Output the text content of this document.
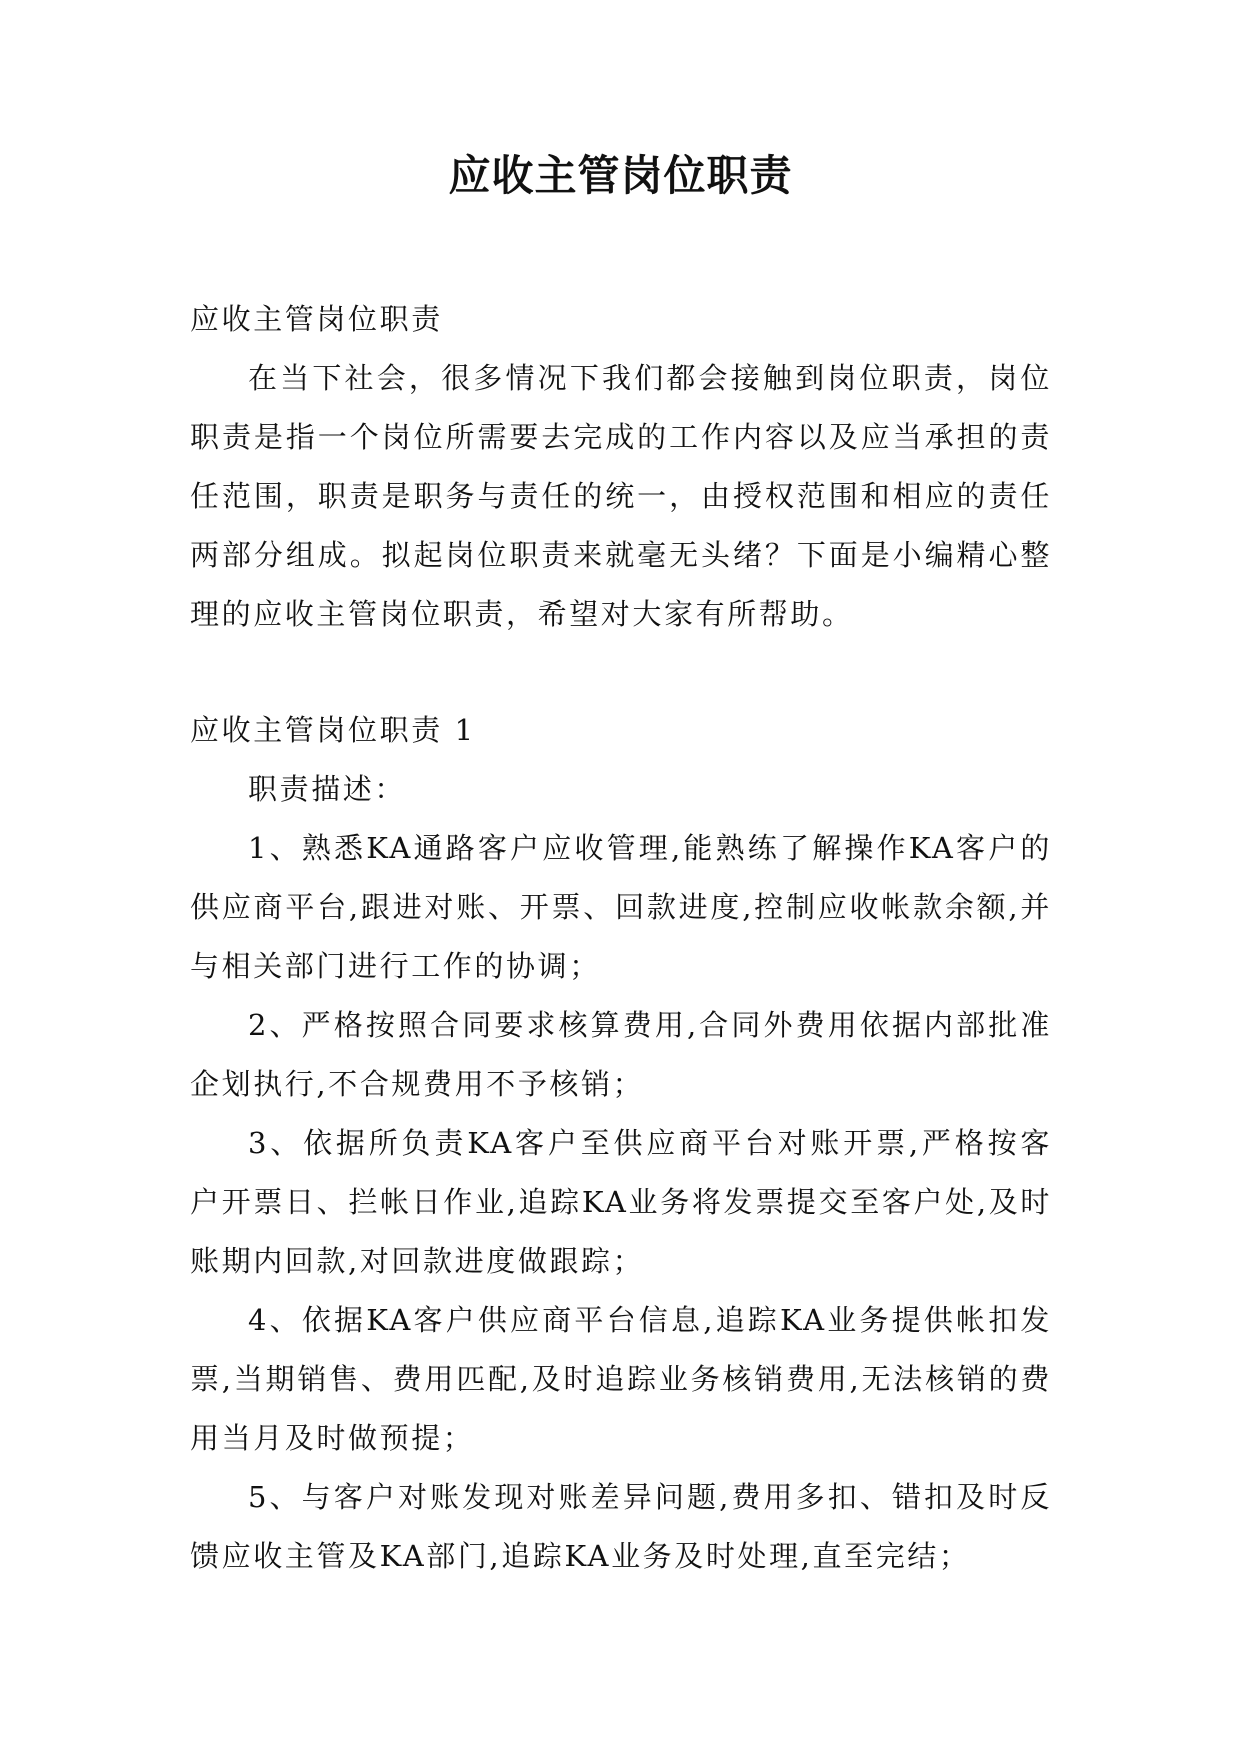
应收主管岗位职责

应收主管岗位职责

在当下社会，很多情况下我们都会接触到岗位职责，岗位职责是指一个岗位所需要去完成的工作内容以及应当承担的责任范围，职责是职务与责任的统一，由授权范围和相应的责任两部分组成。拟起岗位职责来就毫无头绪？下面是小编精心整理的应收主管岗位职责，希望对大家有所帮助。

应收主管岗位职责 1

职责描述：

1、熟悉KA通路客户应收管理,能熟练了解操作KA客户的供应商平台,跟进对账、开票、回款进度,控制应收帐款余额,并与相关部门进行工作的协调；

2、严格按照合同要求核算费用,合同外费用依据内部批准企划执行,不合规费用不予核销；

3、依据所负责KA客户至供应商平台对账开票,严格按客户开票日、拦帐日作业,追踪KA业务将发票提交至客户处,及时账期内回款,对回款进度做跟踪；

4、依据KA客户供应商平台信息,追踪KA业务提供帐扣发票,当期销售、费用匹配,及时追踪业务核销费用,无法核销的费用当月及时做预提；

5、与客户对账发现对账差异问题,费用多扣、错扣及时反馈应收主管及KA部门,追踪KA业务及时处理,直至完结；
